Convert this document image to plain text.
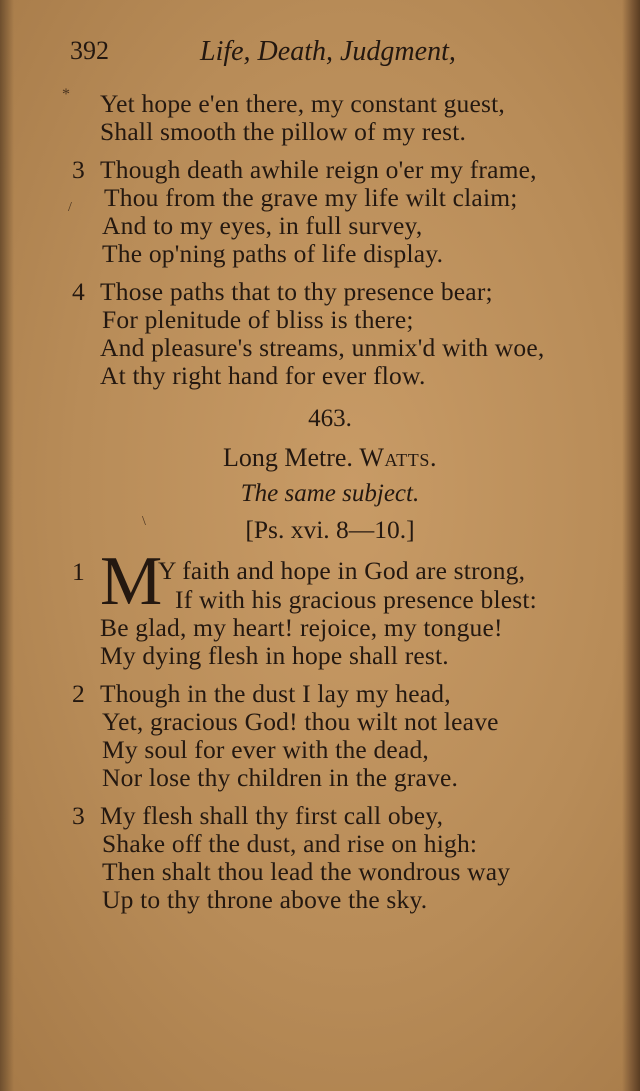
392	Life, Death, Judgment,
*
/
Yet hope e'en there, my constant guest,
Shall smooth the pillow of my rest.
3 Though death awhile reign o'er my frame,
Thou from the grave my life wilt claim;
And to my eyes, in full survey,
The op'ning paths of life display.
4 Those paths that to thy presence bear;
For plenitude of bliss is there;
And pleasure's streams, unmix'd with woe,
At thy right hand for ever flow.
463.
Long Metre. Watts.
The same subject.
[Ps. xvi. 8—10.]
\
1 M
Y faith and hope in God are strong,
If with his gracious presence blest:
Be glad, my heart! rejoice, my tongue!
My dying flesh in hope shall rest.
2 Though in the dust I lay my head,
Yet, gracious God! thou wilt not leave
My soul for ever with the dead,
Nor lose thy children in the grave.
3 My flesh shall thy first call obey,
Shake off the dust, and rise on high:
Then shalt thou lead the wondrous way
Up to thy throne above the sky.
